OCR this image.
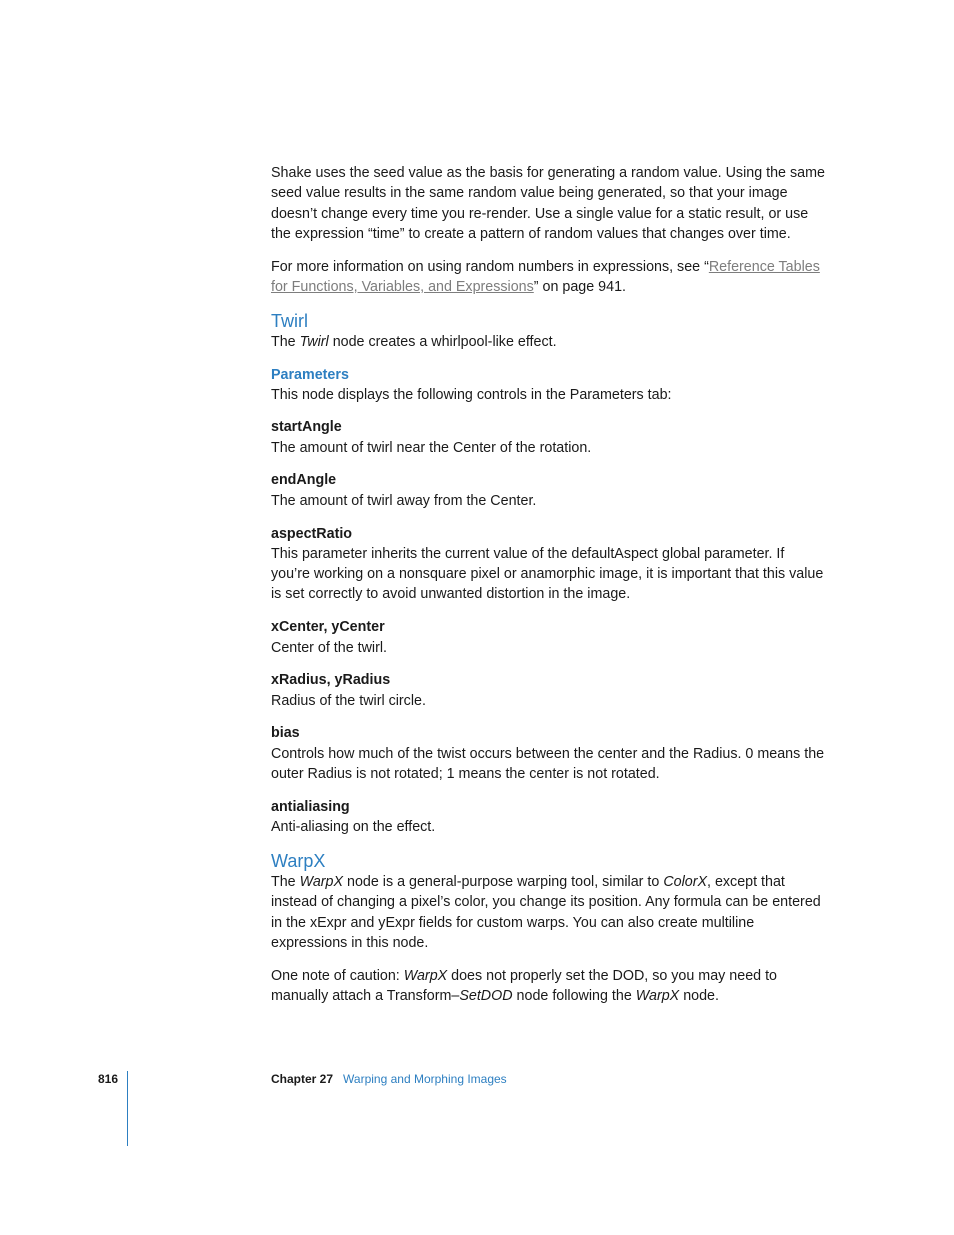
Shake uses the seed value as the basis for generating a random value. Using the same seed value results in the same random value being generated, so that your image doesn’t change every time you re-render. Use a single value for a static result, or use the expression “time” to create a pattern of random values that changes over time.

For more information on using random numbers in expressions, see “Reference Tables for Functions, Variables, and Expressions” on page 941.

Twirl

The Twirl node creates a whirlpool-like effect.

Parameters

This node displays the following controls in the Parameters tab:

startAngle

The amount of twirl near the Center of the rotation.

endAngle

The amount of twirl away from the Center.

aspectRatio

This parameter inherits the current value of the defaultAspect global parameter. If you’re working on a nonsquare pixel or anamorphic image, it is important that this value is set correctly to avoid unwanted distortion in the image.

xCenter, yCenter

Center of the twirl.

xRadius, yRadius

Radius of the twirl circle.

bias

Controls how much of the twist occurs between the center and the Radius. 0 means the outer Radius is not rotated; 1 means the center is not rotated.

antialiasing

Anti-aliasing on the effect.

WarpX

The WarpX node is a general-purpose warping tool, similar to ColorX, except that instead of changing a pixel’s color, you change its position. Any formula can be entered in the xExpr and yExpr fields for custom warps. You can also create multiline expressions in this node.

One note of caution: WarpX does not properly set the DOD, so you may need to manually attach a Transform–SetDOD node following the WarpX node.

816	Chapter 27 Warping and Morphing Images
